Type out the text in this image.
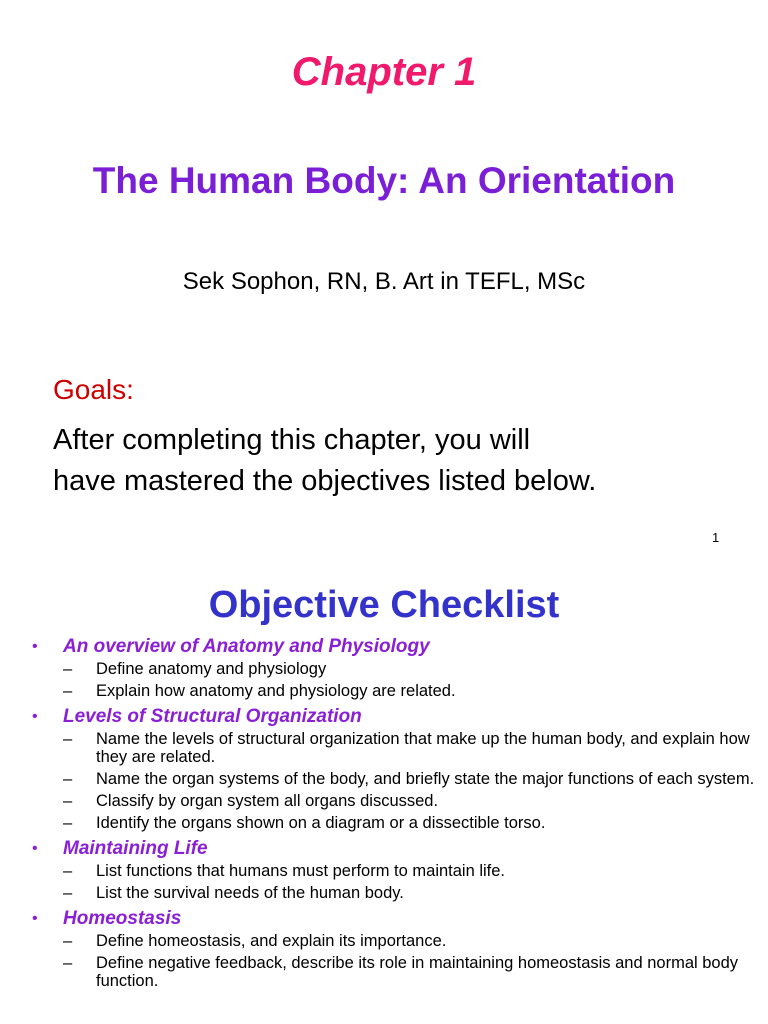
Chapter 1
The Human Body: An Orientation
Sek Sophon, RN, B. Art in TEFL, MSc
Goals:
After completing this chapter, you will
have mastered the objectives listed below.
1
Objective Checklist
• An overview of Anatomy and Physiology
– Define anatomy and physiology
– Explain how anatomy and physiology are related.
• Levels of Structural Organization
– Name the levels of structural organization that make up the human body, and explain how they are related.
– Name the organ systems of the body, and briefly state the major functions of each system.
– Classify by organ system all organs discussed.
– Identify the organs shown on a diagram or a dissectible torso.
• Maintaining Life
– List functions that humans must perform to maintain life.
– List the survival needs of the human body.
• Homeostasis
– Define homeostasis, and explain its importance.
– Define negative feedback, describe its role in maintaining homeostasis and normal body function.
